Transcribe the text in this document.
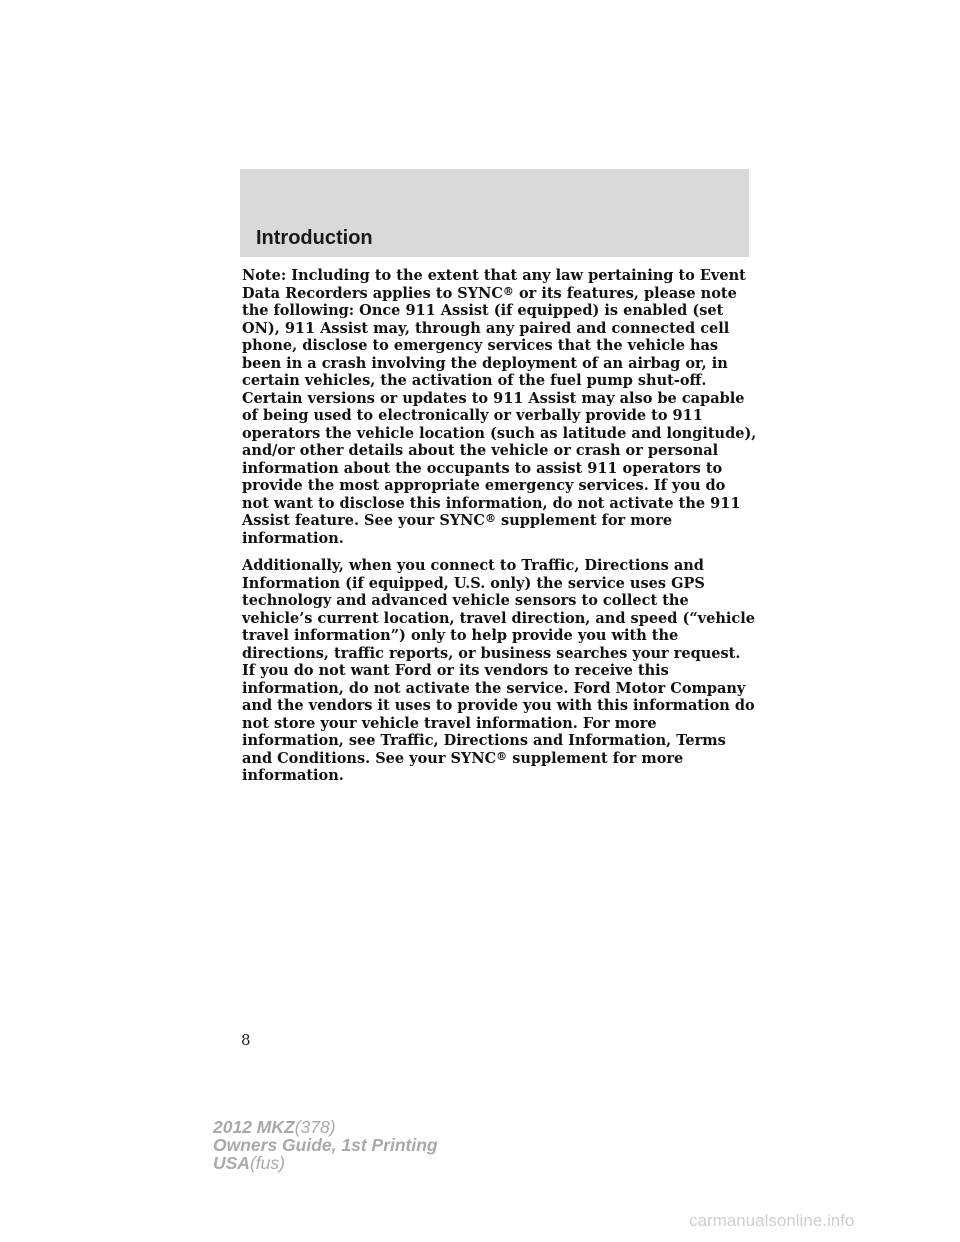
Introduction

Note: Including to the extent that any law pertaining to Event Data Recorders applies to SYNC® or its features, please note the following: Once 911 Assist (if equipped) is enabled (set ON), 911 Assist may, through any paired and connected cell phone, disclose to emergency services that the vehicle has been in a crash involving the deployment of an airbag or, in certain vehicles, the activation of the fuel pump shut-off. Certain versions or updates to 911 Assist may also be capable of being used to electronically or verbally provide to 911 operators the vehicle location (such as latitude and longitude), and/or other details about the vehicle or crash or personal information about the occupants to assist 911 operators to provide the most appropriate emergency services. If you do not want to disclose this information, do not activate the 911 Assist feature. See your SYNC® supplement for more information.

Additionally, when you connect to Traffic, Directions and Information (if equipped, U.S. only) the service uses GPS technology and advanced vehicle sensors to collect the vehicle’s current location, travel direction, and speed (“vehicle travel information”) only to help provide you with the directions, traffic reports, or business searches your request. If you do not want Ford or its vendors to receive this information, do not activate the service. Ford Motor Company and the vendors it uses to provide you with this information do not store your vehicle travel information. For more information, see Traffic, Directions and Information, Terms and Conditions. See your SYNC® supplement for more information.

8
2012 MKZ(378)
Owners Guide, 1st Printing
USA(fus)
carmanualsonline.info
